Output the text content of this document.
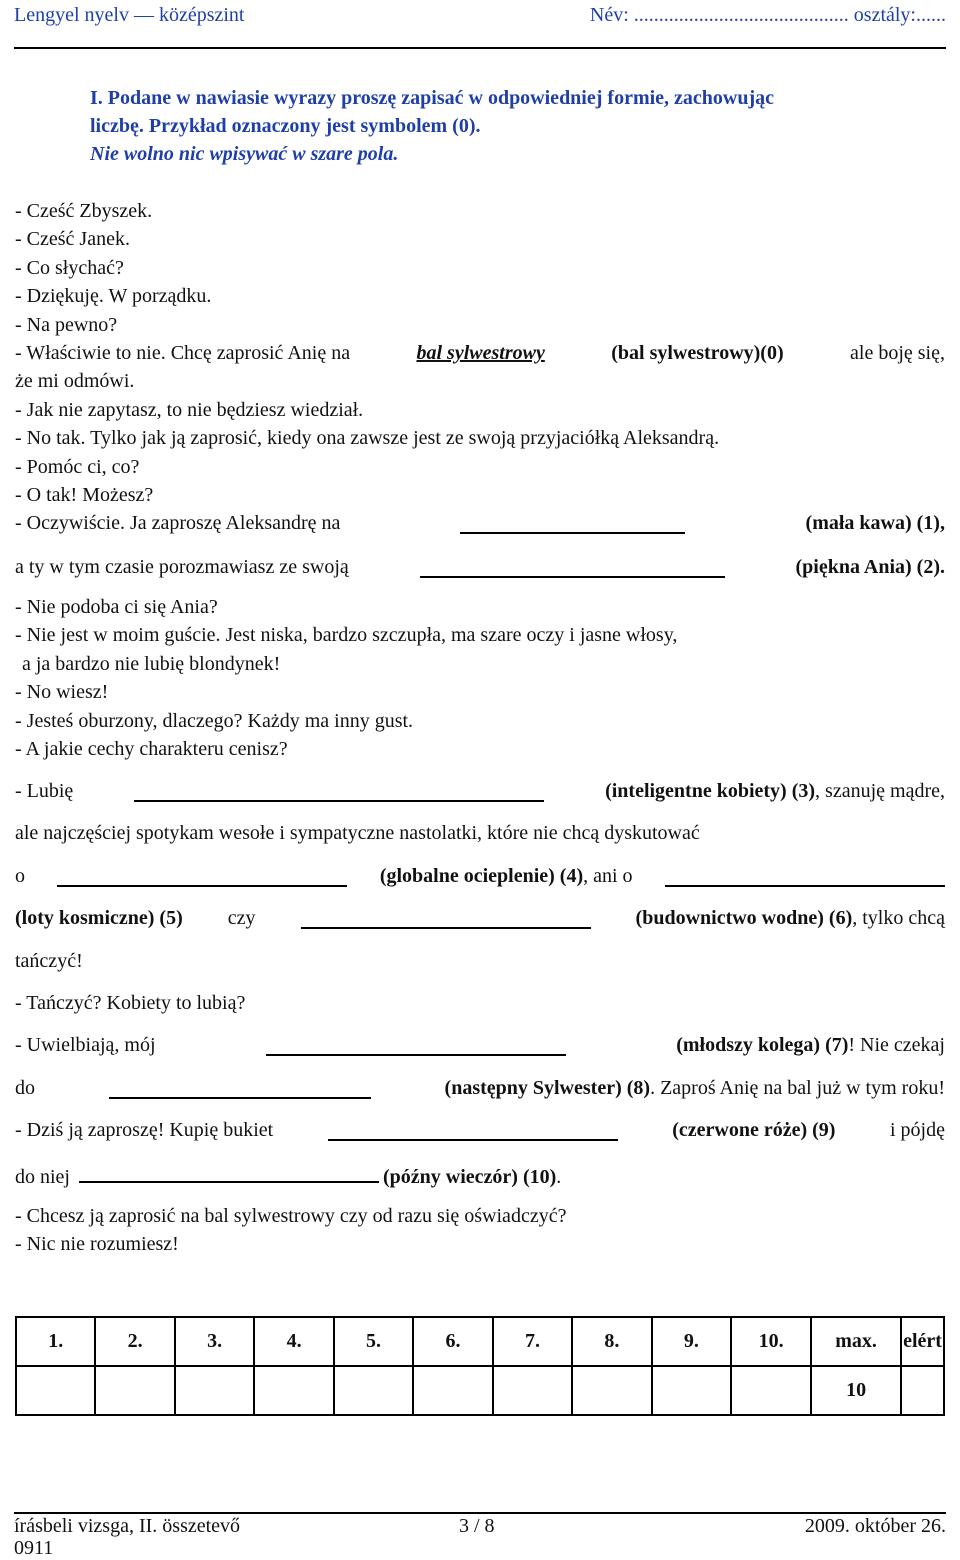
Lengyel nyelv — középszint	Név: ........................................... osztály:......
I. Podane w nawiasie wyrazy proszę zapisać w odpowiedniej formie, zachowując
liczbę. Przykład oznaczony jest symbolem (0).
Nie wolno nic wpisywać w szare pola.
- Cześć Zbyszek.
- Cześć Janek.
- Co słychać?
- Dziękuję. W porządku.
- Na pewno?
- Właściwie to nie. Chcę zaprosić Anię na	bal sylwestrowy	(bal sylwestrowy)(0)	ale boję się,
że mi odmówi.
- Jak nie zapytasz, to nie będziesz wiedział.
- No tak. Tylko jak ją zaprosić, kiedy ona zawsze jest ze swoją przyjaciółką Aleksandrą.
- Pomóc ci, co?
- O tak! Możesz?
- Oczywiście. Ja zaproszę Aleksandrę na	(mała kawa) (1),
a ty w tym czasie porozmawiasz ze swoją	(piękna Ania) (2).
- Nie podoba ci się Ania?
- Nie jest w moim guście. Jest niska, bardzo szczupła, ma szare oczy i jasne włosy,
a ja bardzo nie lubię blondynek!
- No wiesz!
- Jesteś oburzony, dlaczego? Każdy ma inny gust.
- A jakie cechy charakteru cenisz?
- Lubię	(inteligentne kobiety) (3), szanuję mądre,
ale najczęściej spotykam wesołe i sympatyczne nastolatki, które nie chcą dyskutować
o	(globalne ocieplenie) (4), ani o
(loty kosmiczne) (5) czy	(budownictwo wodne) (6), tylko chcą
tańczyć!
- Tańczyć? Kobiety to lubią?
- Uwielbiają, mój	(młodszy kolega) (7)! Nie czekaj
do	(następny Sylwester) (8). Zaproś Anię na bal już w tym roku!
- Dziś ją zaproszę! Kupię bukiet	(czerwone róże) (9)	i pójdę
do niej	(późny wieczór) (10).
- Chcesz ją zaprosić na bal sylwestrowy czy od razu się oświadczyć?
- Nic nie rozumiesz!
1.	2.	3.	4.	5.	6.	7.	8.	9.	10.	max.	elért
										10	
írásbeli vizsga, II. összetevő	3 / 8	2009. október 26.
0911
